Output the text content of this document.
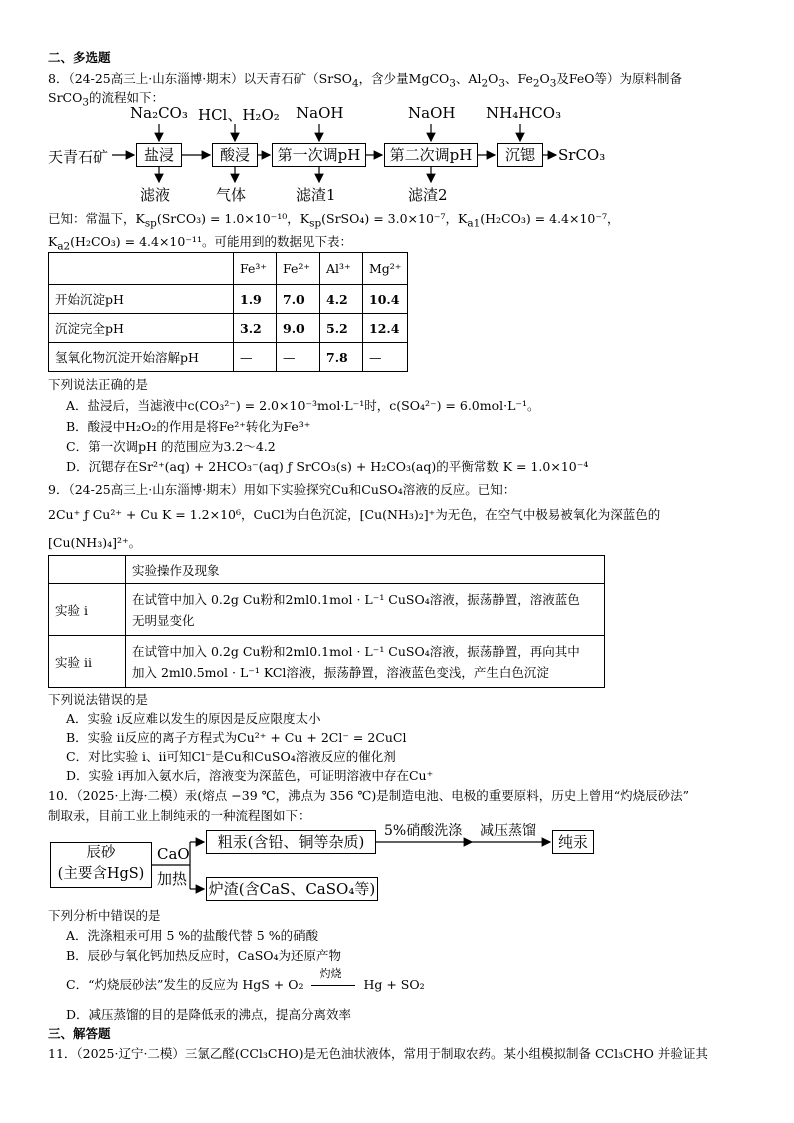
二、多选题
8．（24-25高三上·山东淄博·期末）以天青石矿（SrSO$_4$，含少量MgCO$_3$、$Al_2O_3$、$Fe_2O_3$及FeO等）为原料制备
SrCO$_3$的流程如下：
Na₂CO₃ HCl、H₂O₂ NaOH	NaOH NH₄HCO₃
天青石矿	盐浸	酸浸	第一次调pH	第二次调pH	沉锶	SrCO₃
滤液	气体	滤渣1	滤渣2
已知：常温下，$K_{sp}(SrCO_3) = 1.0\times 10^{-10}$，$K_{sp}(SrSO_4) = 3.0\times 10^{-7}$，$K_{a1}(H_2CO_3) = 4.4\times 10^{-7}$，
$K_{a2}(H_2CO_3) = 4.4\times 10^{-11}$。可能用到的数据见下表：
	Fe³⁺	Fe²⁺	Al³⁺	Mg²⁺
开始沉淀pH	1.9	7.0	4.2	10.4
沉淀完全pH	3.2	9.0	5.2	12.4
氢氧化物沉淀开始溶解pH	—	—	7.8	—
下列说法正确的是
A．盐浸后，当滤液中c(CO₃²⁻) = 2.0×10⁻³mol·L⁻¹时，c(SO₄²⁻) = 6.0mol·L⁻¹。
B．酸浸中H₂O₂的作用是将Fe²⁺转化为Fe³⁺
C．第一次调pH 的范围应为3.2～4.2
D．沉锶存在Sr²⁺(aq) + 2HCO₃⁻(aq) ƒ SrCO₃(s) + H₂CO₃(aq)的平衡常数 K = 1.0×10⁻⁴
9．（24-25高三上·山东淄博·期末）用如下实验探究Cu和CuSO₄溶液的反应。已知：
2Cu⁺ ƒ Cu²⁺ + Cu K = 1.2×10⁶，CuCl为白色沉淀，[Cu(NH₃)₂]⁺为无色，在空气中极易被氧化为深蓝色的
[Cu(NH₃)₄]²⁺。
	实验操作及现象
实验 i	在试管中加入 0.2g Cu粉和2ml0.1mol · L⁻¹ CuSO₄溶液，振荡静置，溶液蓝色
无明显变化

实验 ii	在试管中加入 0.2g Cu粉和2ml0.1mol · L⁻¹ CuSO₄溶液，振荡静置，再向其中
加入 2ml0.5mol · L⁻¹ KCl溶液，振荡静置，溶液蓝色变浅，产生白色沉淀
下列说法错误的是
A．实验 i反应难以发生的原因是反应限度太小
B．实验 ii反应的离子方程式为Cu²⁺ + Cu + 2Cl⁻ = 2CuCl
C．对比实验 i、ii可知Cl⁻是Cu和CuSO₄溶液反应的催化剂
D．实验 i再加入氨水后，溶液变为深蓝色，可证明溶液中存在Cu⁺
10．（2025·上海·二模）汞(熔点 −39 ℃，沸点为 356 ℃)是制造电池、电极的重要原料，历史上曾用“灼烧辰砂法”
制取汞，目前工业上制纯汞的一种流程图如下：
辰砂
(主要含HgS)
CaO
加热
粗汞(含铅、铜等杂质)
5%硝酸洗涤 减压蒸馏
纯汞
炉渣(含CaS、CaSO₄等)
下列分析中错误的是
A．洗涤粗汞可用 5 %的盐酸代替 5 %的硝酸
B．辰砂与氧化钙加热反应时，CaSO₄为还原产物
C．“灼烧辰砂法”发生的反应为 HgS + O₂
灼烧
Hg + SO₂
D．减压蒸馏的目的是降低汞的沸点，提高分离效率
三、解答题
11．（2025·辽宁·二模）三氯乙醛(CCl₃CHO)是无色油状液体，常用于制取农药。某小组模拟制备 CCl₃CHO 并验证其
